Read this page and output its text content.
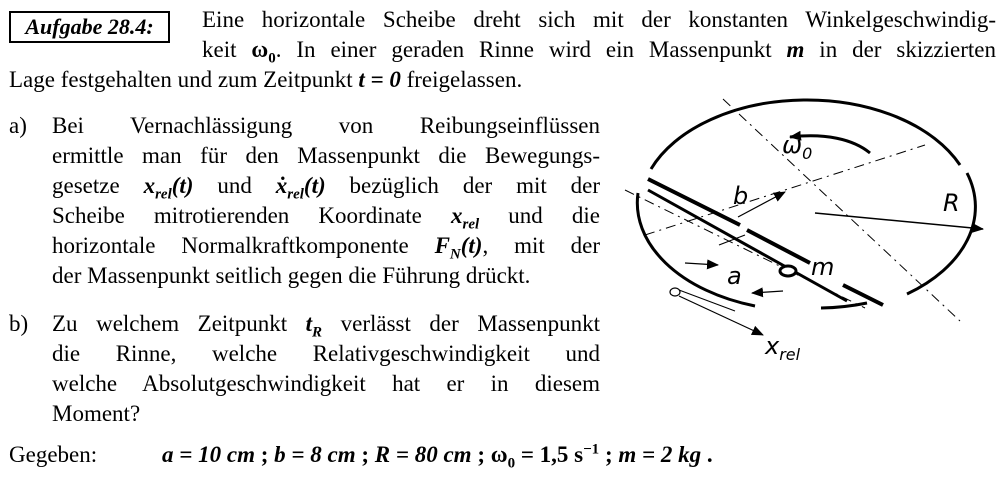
Aufgabe 28.4:	Eine horizontale Scheibe dreht sich mit der konstanten Winkelgeschwindig-
keit $\omega_0$. In einer geraden Rinne wird ein Massenpunkt m in der skizzierten
Lage festgehalten und zum Zeitpunkt t = 0 freigelassen.
a)	Bei Vernachlässigung von Reibungseinflüssen
ermittle man für den Massenpunkt die Bewegungs-
gesetze $x_{rel}(t)$ und ẋ$_{rel}$(t) bezüglich der mit der
Scheibe mitrotierenden Koordinate $x_{rel}$ und die
horizontale Normalkraftkomponente $F_N(t)$, mit der
der Massenpunkt seitlich gegen die Führung drückt.
b)	Zu welchem Zeitpunkt $t_R$ verlässt der Massenpunkt
die Rinne, welche Relativgeschwindigkeit und
welche Absolutgeschwindigkeit hat er in diesem
Moment?
Gegeben:	a = 10 cm ; b = 8 cm ; R = 80 cm ; $\omega_0 = 1,5$ $s^{-1}$ ; m = 2 kg .
$\omega_0$
R
b
a	m
$x_{rel}$
